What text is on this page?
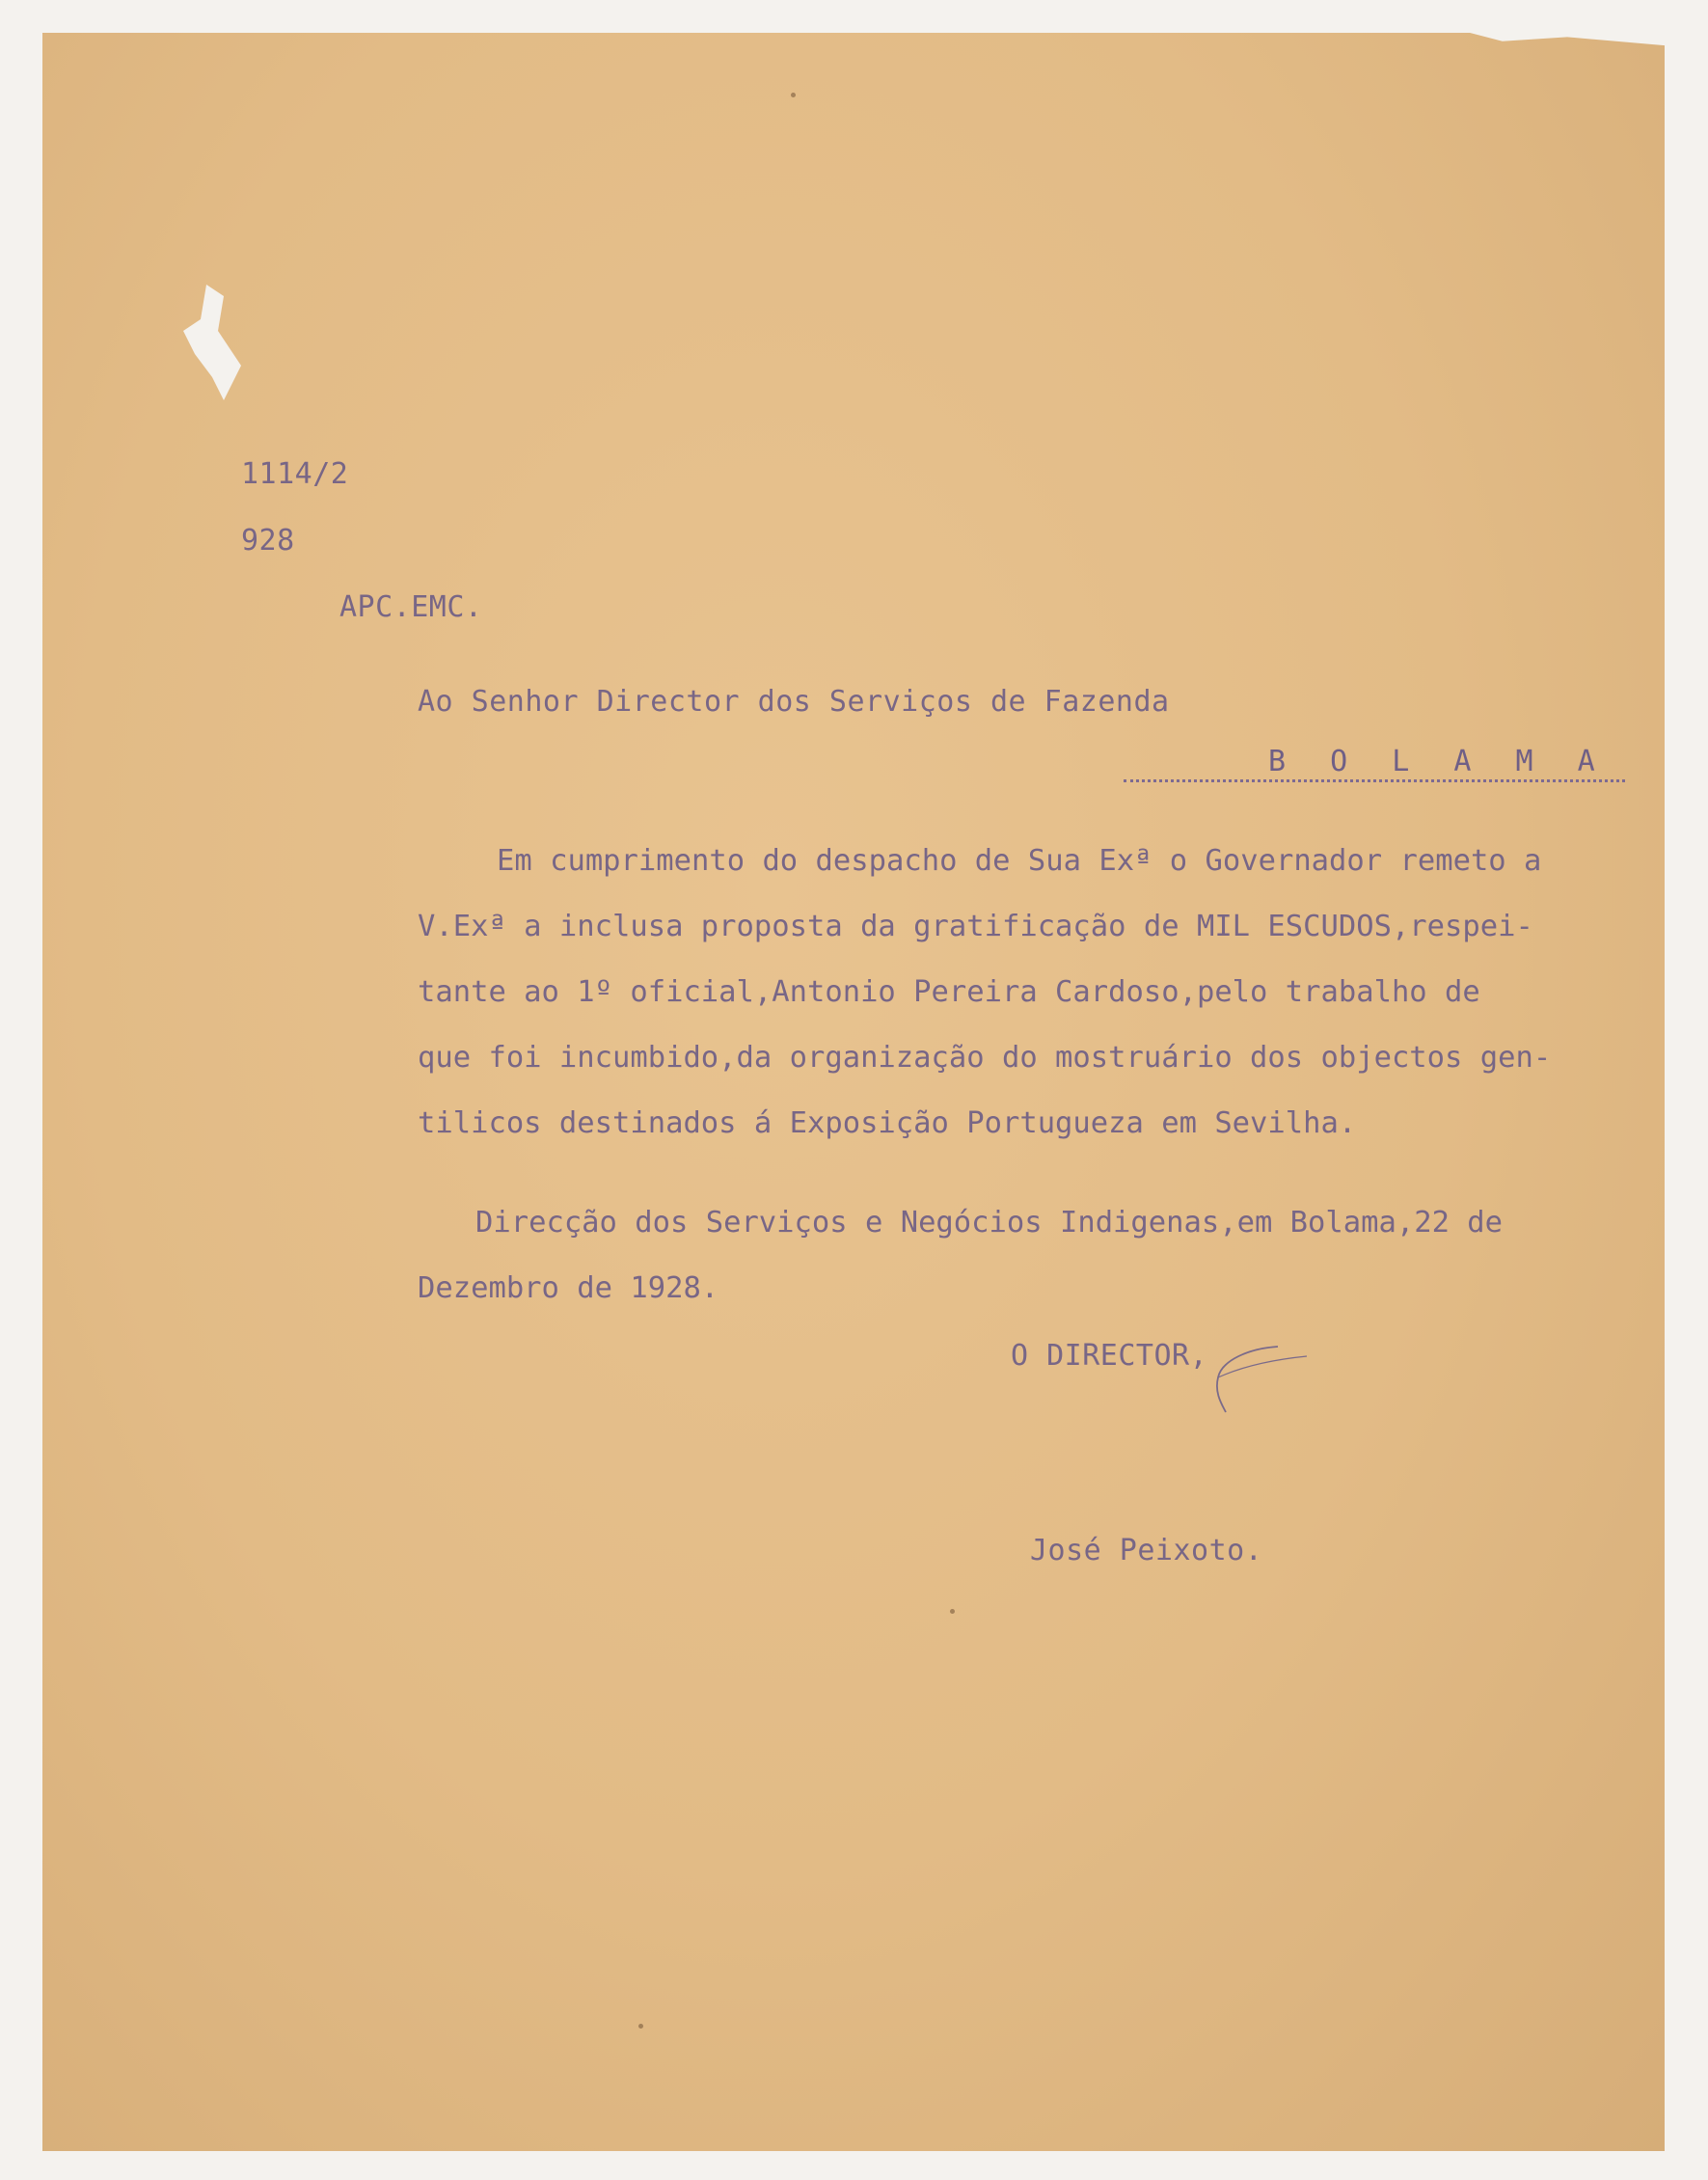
1114/2
928
APC.EMC.
Ao Senhor Director dos Serviços de Fazenda
B O L A M A
Em cumprimento do despacho de Sua Exª o Governador remeto a
V.Exª a inclusa proposta da gratificação de MIL ESCUDOS,respei-
tante ao 1º oficial,Antonio Pereira Cardoso,pelo trabalho de
que foi incumbido,da organização do mostruário dos objectos gen-
tilicos destinados á Exposição Portugueza em Sevilha.
Direcção dos Serviços e Negócios Indigenas,em Bolama,22 de
Dezembro de 1928.
O DIRECTOR,
José Peixoto.
